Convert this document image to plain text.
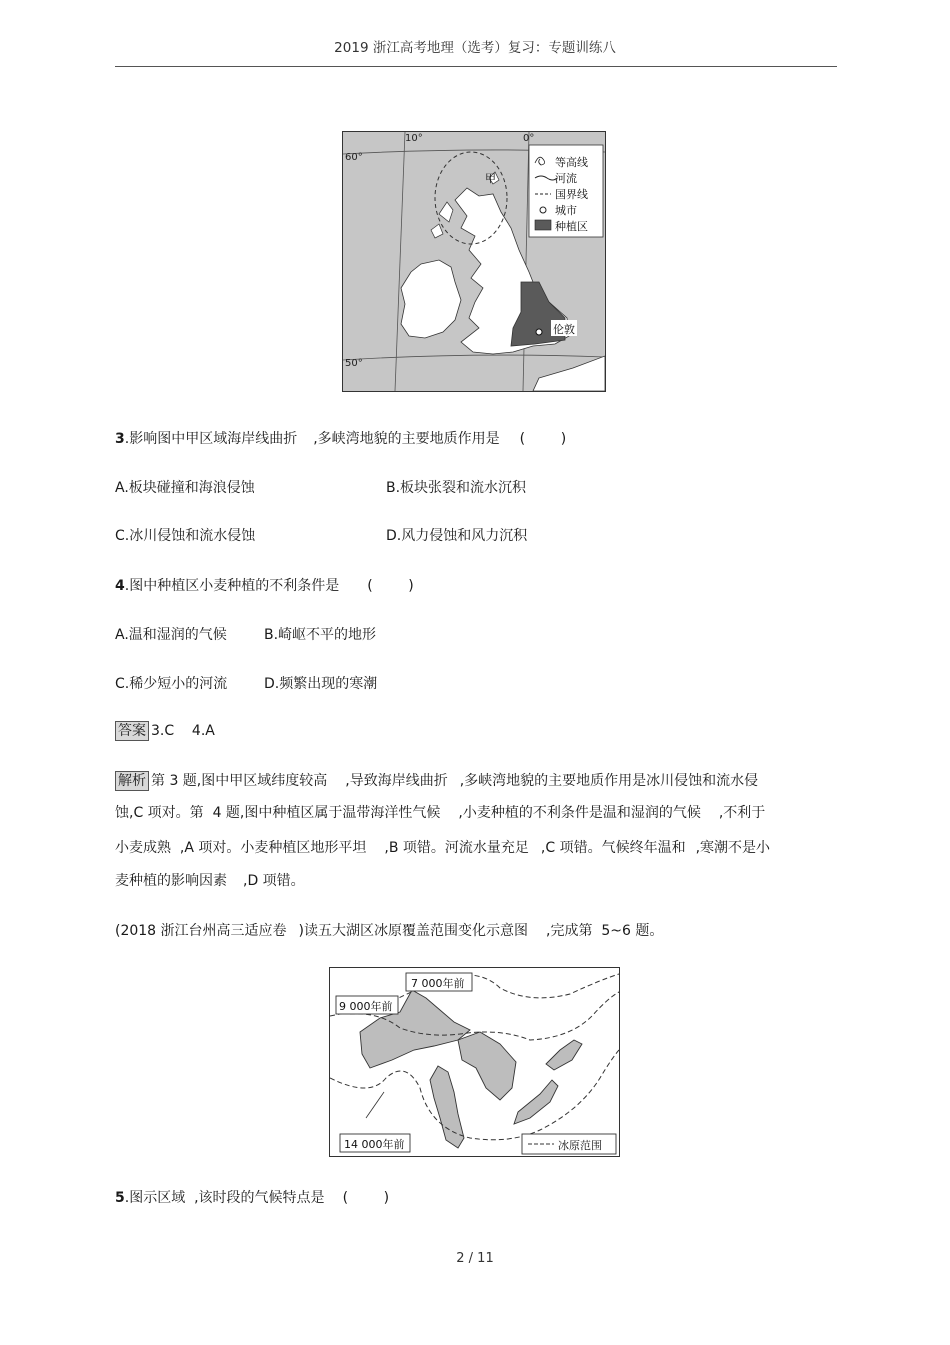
2019 浙江高考地理（选考）复习：专题训练八
10°	0°
60°
50°
甲
伦敦
等高线
河流
国界线
城市
种植区
3.影响图中甲区域海岸线曲折 ,多峡湾地貌的主要地质作用是 (        )
A.板块碰撞和海浪侵蚀	B.板块张裂和流水沉积
C.冰川侵蚀和流水侵蚀	D.风力侵蚀和风力沉积
4.图中种植区小麦种植的不利条件是 (        )
A.温和湿润的气候	B.崎岖不平的地形
C.稀少短小的河流	D.频繁出现的寒潮
答案 3.C    4.A
解析 第 3 题,图中甲区域纬度较高 ,导致海岸线曲折 ,多峡湾地貌的主要地质作用是冰川侵蚀和流水侵
蚀,C 项对。第  4 题,图中种植区属于温带海洋性气候 ,小麦种植的不利条件是温和湿润的气候 ,不利于
小麦成熟  ,A 项对。小麦种植区地形平坦 ,B 项错。河流水量充足 ,C 项错。气候终年温和 ,寒潮不是小
麦种植的影响因素 ,D 项错。
(2018 浙江台州高三适应卷 )读五大湖区冰原覆盖范围变化示意图 ,完成第  5~6 题。
7 000年前
9 000年前
14 000年前	冰原范围
5.图示区域  ,该时段的气候特点是 (        )
2 / 11
